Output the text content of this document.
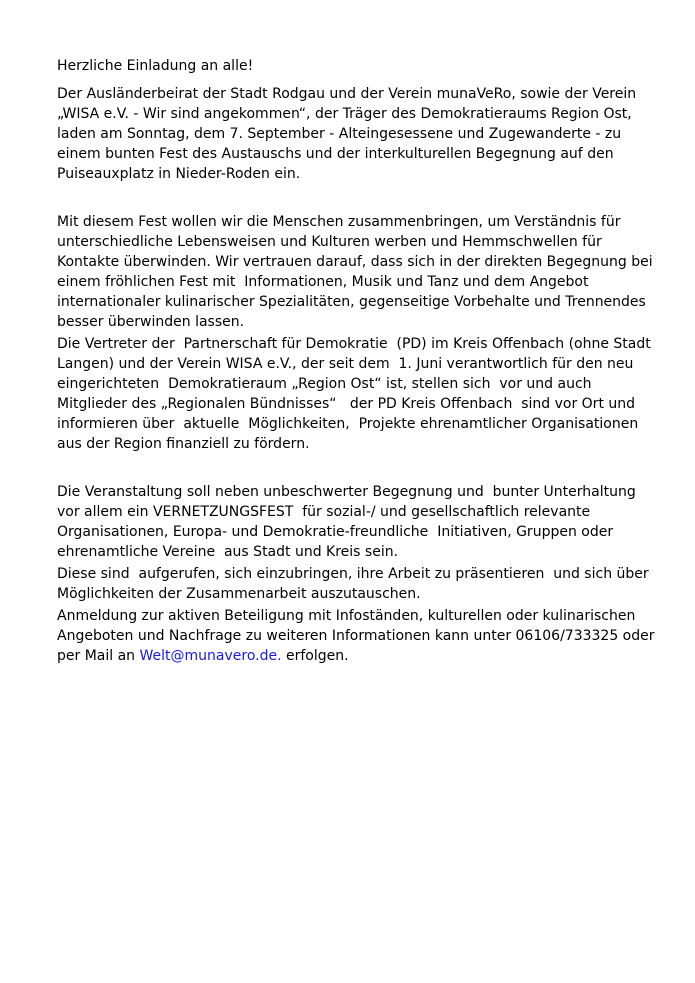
Herzliche Einladung an alle!
Der Ausländerbeirat der Stadt Rodgau und der Verein munaVeRo, sowie der Verein
„WISA e.V. - Wir sind angekommen“, der Träger des Demokratieraums Region Ost,
laden am Sonntag, dem 7. September - Alteingesessene und Zugewanderte - zu
einem bunten Fest des Austauschs und der interkulturellen Begegnung auf den
Puiseauxplatz in Nieder-Roden ein.
Mit diesem Fest wollen wir die Menschen zusammenbringen, um Verständnis für
unterschiedliche Lebensweisen und Kulturen werben und Hemmschwellen für
Kontakte überwinden. Wir vertrauen darauf, dass sich in der direkten Begegnung bei
einem fröhlichen Fest mit  Informationen, Musik und Tanz und dem Angebot
internationaler kulinarischer Spezialitäten, gegenseitige Vorbehalte und Trennendes
besser überwinden lassen.
Die Vertreter der  Partnerschaft für Demokratie  (PD) im Kreis Offenbach (ohne Stadt
Langen) und der Verein WISA e.V., der seit dem  1. Juni verantwortlich für den neu
eingerichteten  Demokratieraum „Region Ost“ ist, stellen sich  vor und auch
Mitglieder des „Regionalen Bündnisses“   der PD Kreis Offenbach  sind vor Ort und
informieren über  aktuelle  Möglichkeiten,  Projekte ehrenamtlicher Organisationen
aus der Region finanziell zu fördern.
Die Veranstaltung soll neben unbeschwerter Begegnung und  bunter Unterhaltung
vor allem ein VERNETZUNGSFEST  für sozial-/ und gesellschaftlich relevante
Organisationen, Europa- und Demokratie-freundliche  Initiativen, Gruppen oder
ehrenamtliche Vereine  aus Stadt und Kreis sein.
Diese sind  aufgerufen, sich einzubringen, ihre Arbeit zu präsentieren  und sich über
Möglichkeiten der Zusammenarbeit auszutauschen.
Anmeldung zur aktiven Beteiligung mit Infoständen, kulturellen oder kulinarischen
Angeboten und Nachfrage zu weiteren Informationen kann unter 06106/733325 oder
per Mail an Welt@munavero.de. erfolgen.
